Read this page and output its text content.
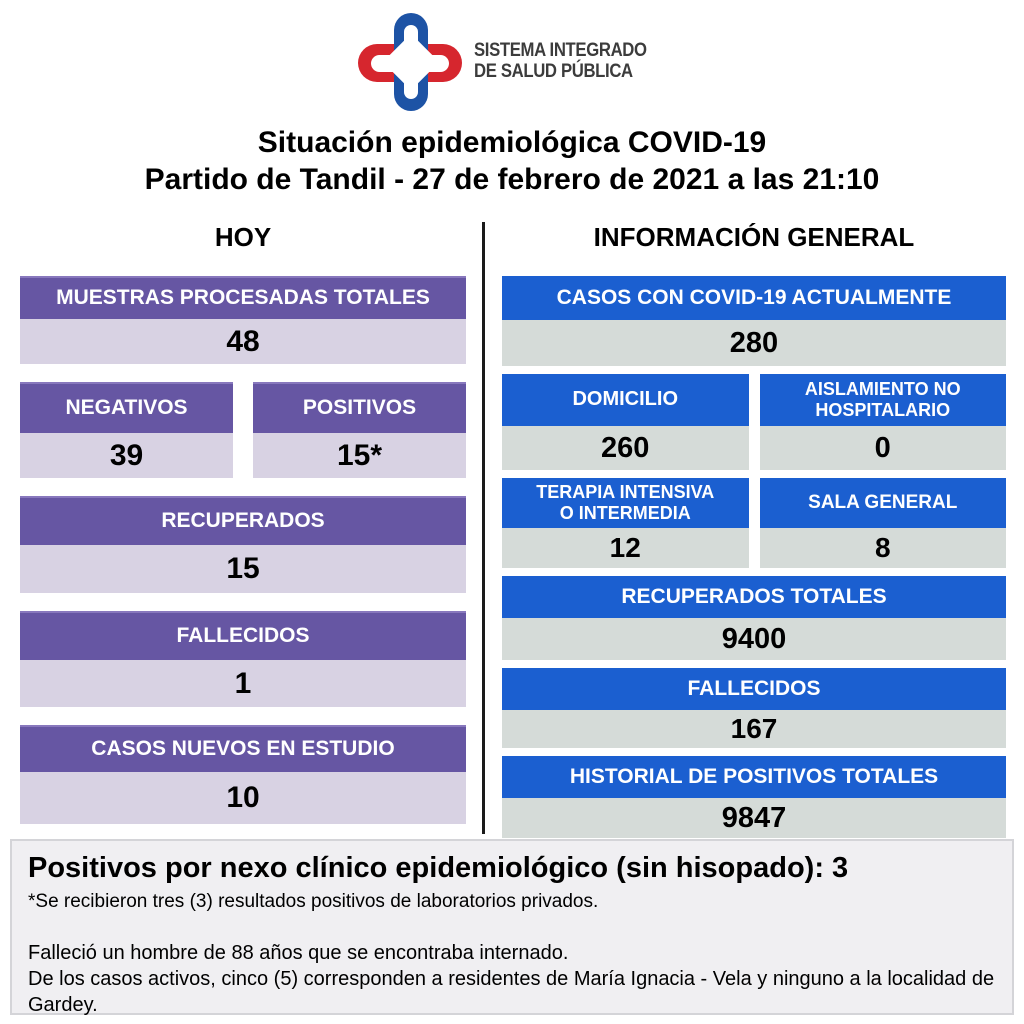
SISTEMA INTEGRADO
DE SALUD PÚBLICA
Situación epidemiológica COVID-19
Partido de Tandil - 27 de febrero de 2021 a las 21:10
HOY
MUESTRAS PROCESADAS TOTALES
48
NEGATIVOS
39
POSITIVOS
15*
RECUPERADOS
15
FALLECIDOS
1
CASOS NUEVOS EN ESTUDIO
10
INFORMACIÓN GENERAL
CASOS CON COVID-19 ACTUALMENTE
280
DOMICILIO
260
AISLAMIENTO NO HOSPITALARIO
0
TERAPIA INTENSIVA O INTERMEDIA
12
SALA GENERAL
8
RECUPERADOS TOTALES
9400
FALLECIDOS
167
HISTORIAL DE POSITIVOS TOTALES
9847
Positivos por nexo clínico epidemiológico (sin hisopado): 3
*Se recibieron tres (3) resultados positivos de laboratorios privados.
Falleció un hombre de 88 años que se encontraba internado.
De los casos activos, cinco (5) corresponden a residentes de María Ignacia - Vela y ninguno a la localidad de Gardey.
